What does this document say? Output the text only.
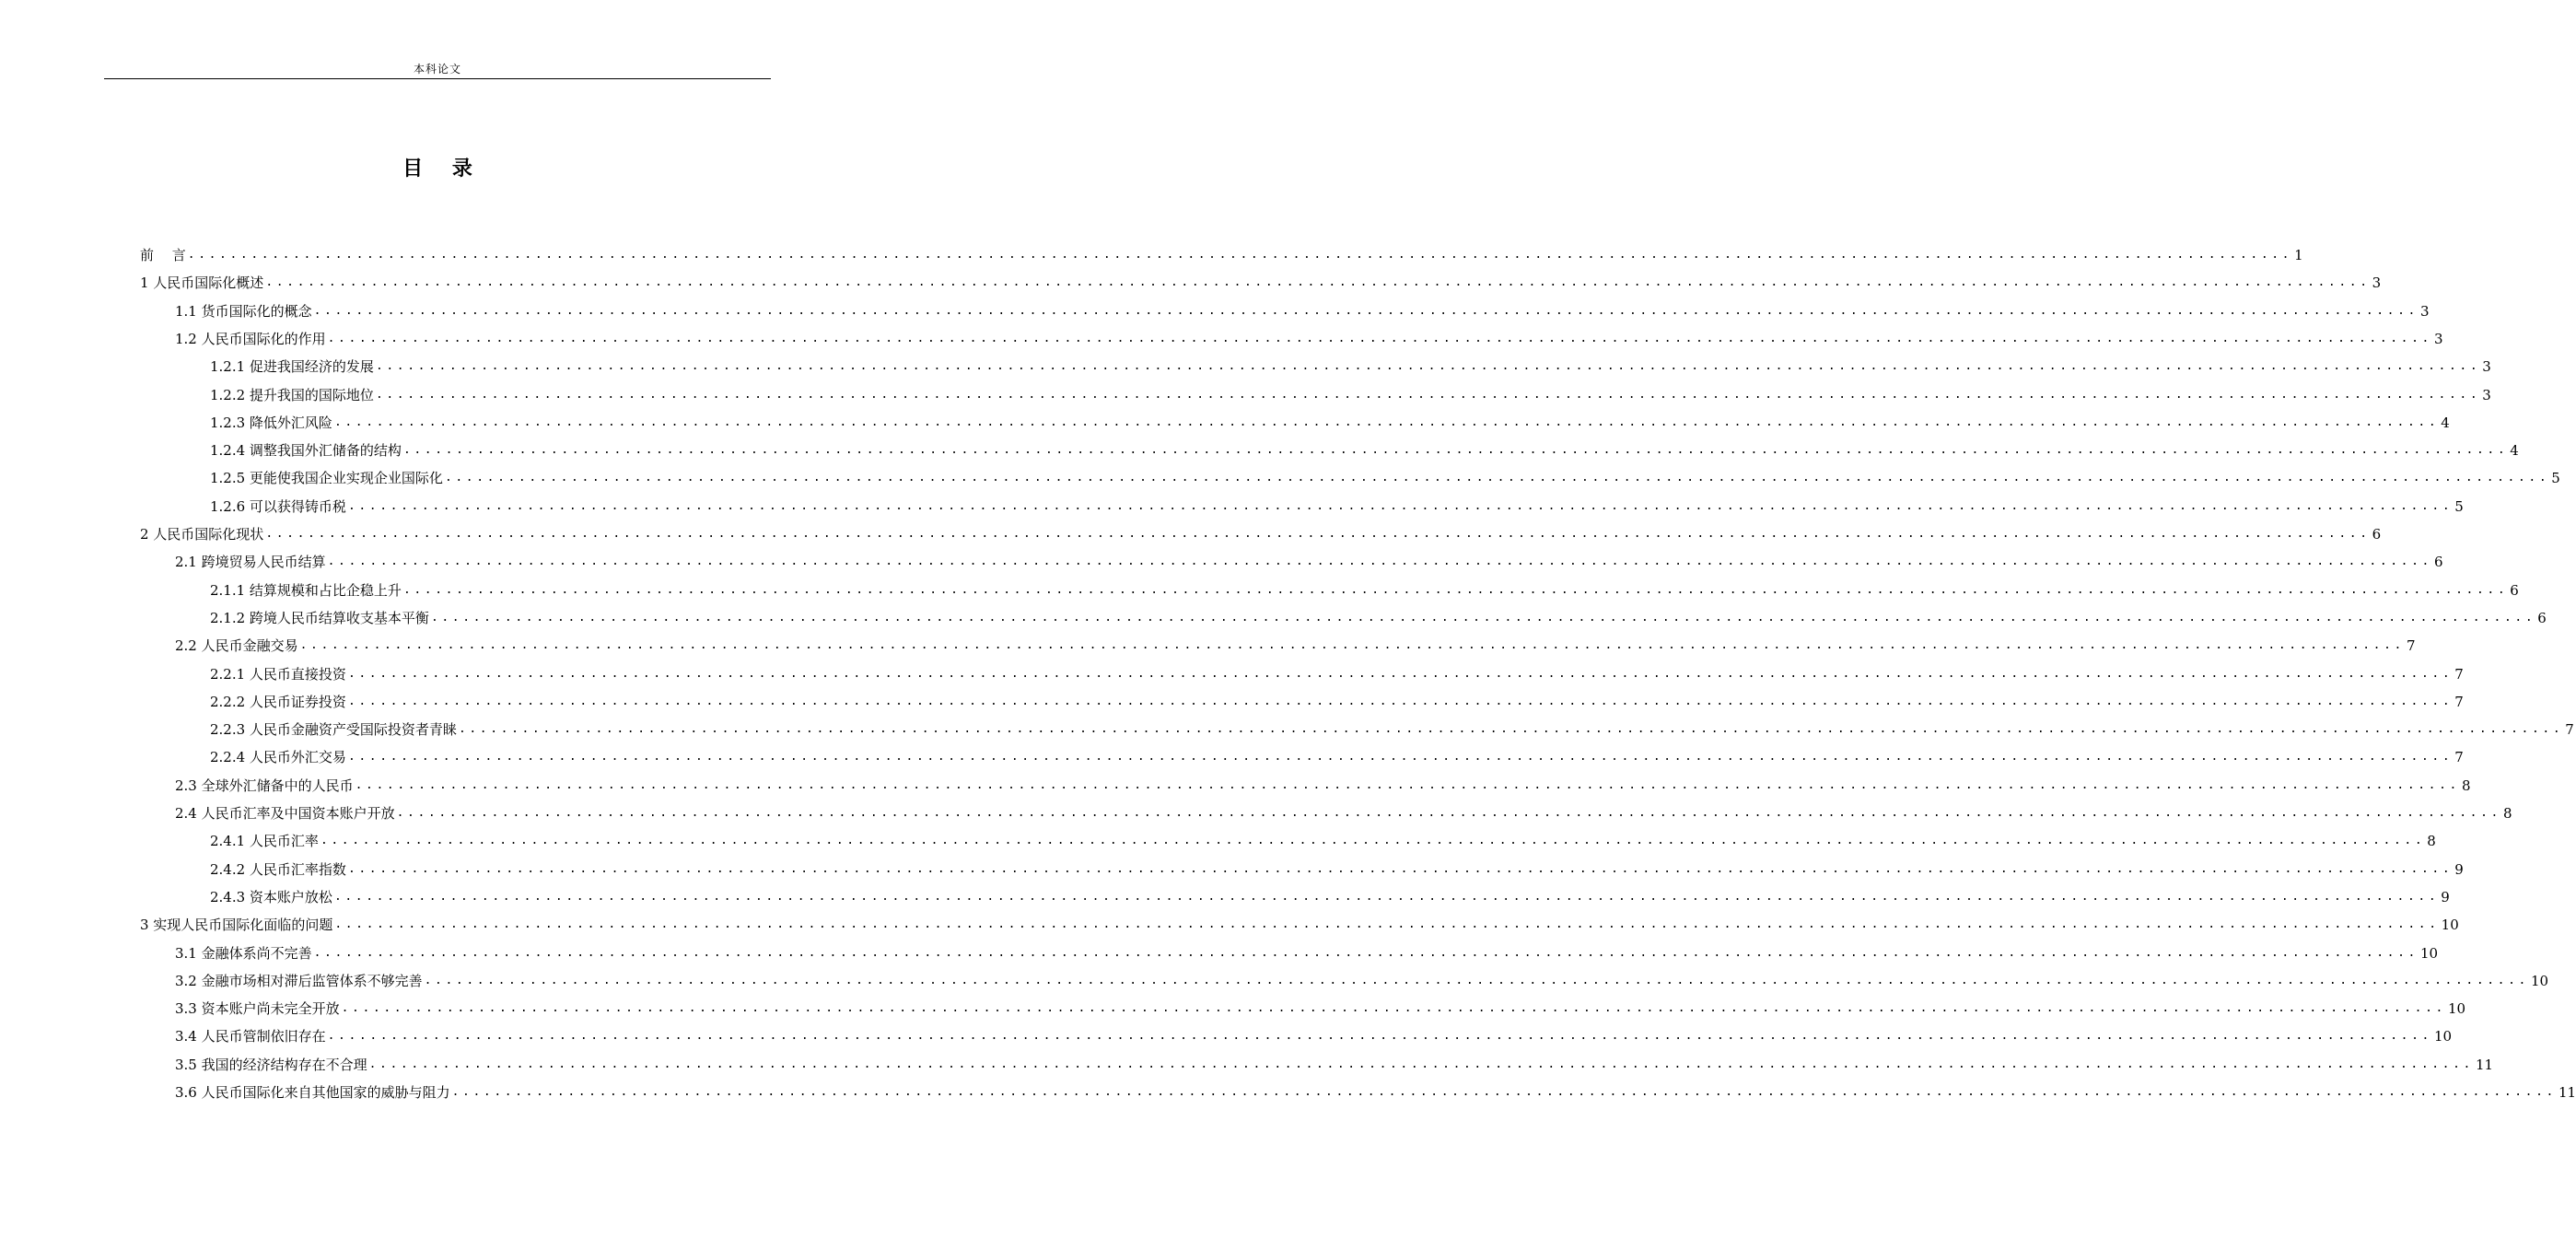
本科论文
目 录
前　 言 ........................................................................................................................................................................................................ 1
1 人民币国际化概述 ........................................................................................................................................................................................................ 3
1.1 货币国际化的概念 ........................................................................................................................................................................................................ 3
1.2 人民币国际化的作用 ........................................................................................................................................................................................................ 3
1.2.1 促进我国经济的发展 ........................................................................................................................................................................................................ 3
1.2.2 提升我国的国际地位 ........................................................................................................................................................................................................ 3
1.2.3 降低外汇风险 ........................................................................................................................................................................................................ 4
1.2.4 调整我国外汇储备的结构 ........................................................................................................................................................................................................ 4
1.2.5 更能使我国企业实现企业国际化 ........................................................................................................................................................................................................ 5
1.2.6 可以获得铸币税 ........................................................................................................................................................................................................ 5
2 人民币国际化现状 ........................................................................................................................................................................................................ 6
2.1 跨境贸易人民币结算 ........................................................................................................................................................................................................ 6
2.1.1 结算规模和占比企稳上升 ........................................................................................................................................................................................................ 6
2.1.2 跨境人民币结算收支基本平衡 ........................................................................................................................................................................................................ 6
2.2 人民币金融交易 ........................................................................................................................................................................................................ 7
2.2.1 人民币直接投资 ........................................................................................................................................................................................................ 7
2.2.2 人民币证券投资 ........................................................................................................................................................................................................ 7
2.2.3 人民币金融资产受国际投资者青睐 ........................................................................................................................................................................................................ 7
2.2.4 人民币外汇交易 ........................................................................................................................................................................................................ 7
2.3 全球外汇储备中的人民币 ........................................................................................................................................................................................................ 8
2.4 人民币汇率及中国资本账户开放 ........................................................................................................................................................................................................ 8
2.4.1 人民币汇率 ........................................................................................................................................................................................................ 8
2.4.2 人民币汇率指数 ........................................................................................................................................................................................................ 9
2.4.3 资本账户放松 ........................................................................................................................................................................................................ 9
3 实现人民币国际化面临的问题 ........................................................................................................................................................................................................ 10
3.1 金融体系尚不完善 ........................................................................................................................................................................................................ 10
3.2 金融市场相对滞后监管体系不够完善 ........................................................................................................................................................................................................ 10
3.3 资本账户尚未完全开放 ........................................................................................................................................................................................................ 10
3.4 人民币管制依旧存在 ........................................................................................................................................................................................................ 10
3.5 我国的经济结构存在不合理 ........................................................................................................................................................................................................ 11
3.6 人民币国际化来自其他国家的威胁与阻力 ........................................................................................................................................................................................................ 11
